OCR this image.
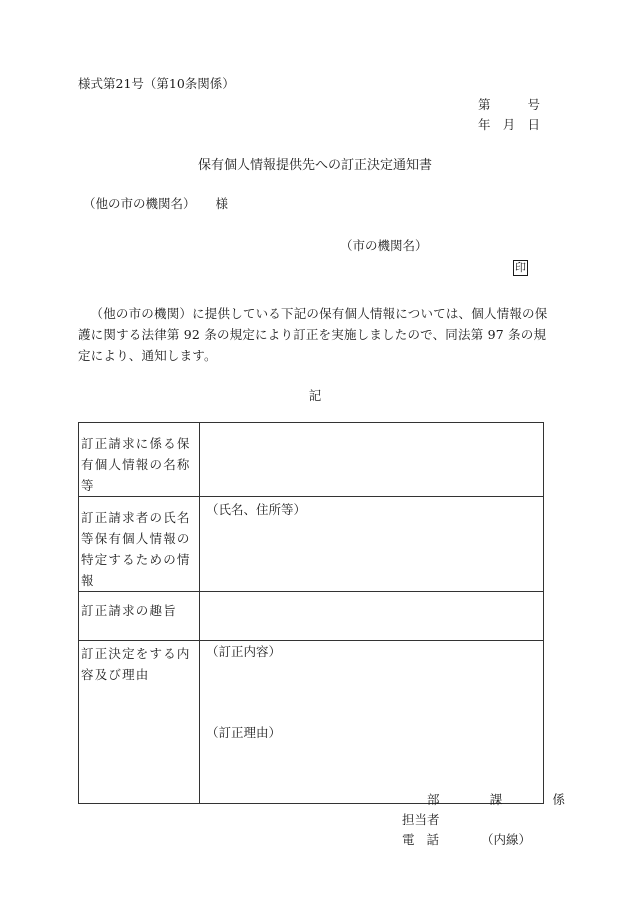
様式第21号（第10条関係）
第	号
年 月 日
保有個人情報提供先への訂正決定通知書
（他の市の機関名） 様
（市の機関名）
印
（他の市の機関）に提供している下記の保有個人情報については、個人情報の保護に関する法律第 92 条の規定により訂正を実施しましたので、同法第 97 条の規定により、通知します。
記
訂正請求に係る保有個人情報の名称等	
訂正請求者の氏名等保有個人情報の特定するための情報	（氏名、住所等）

訂正請求の趣旨	
訂正決定をする内容及び理由	（訂正内容）
（訂正理由）
部	課	係
担当者
電話 （内線）
